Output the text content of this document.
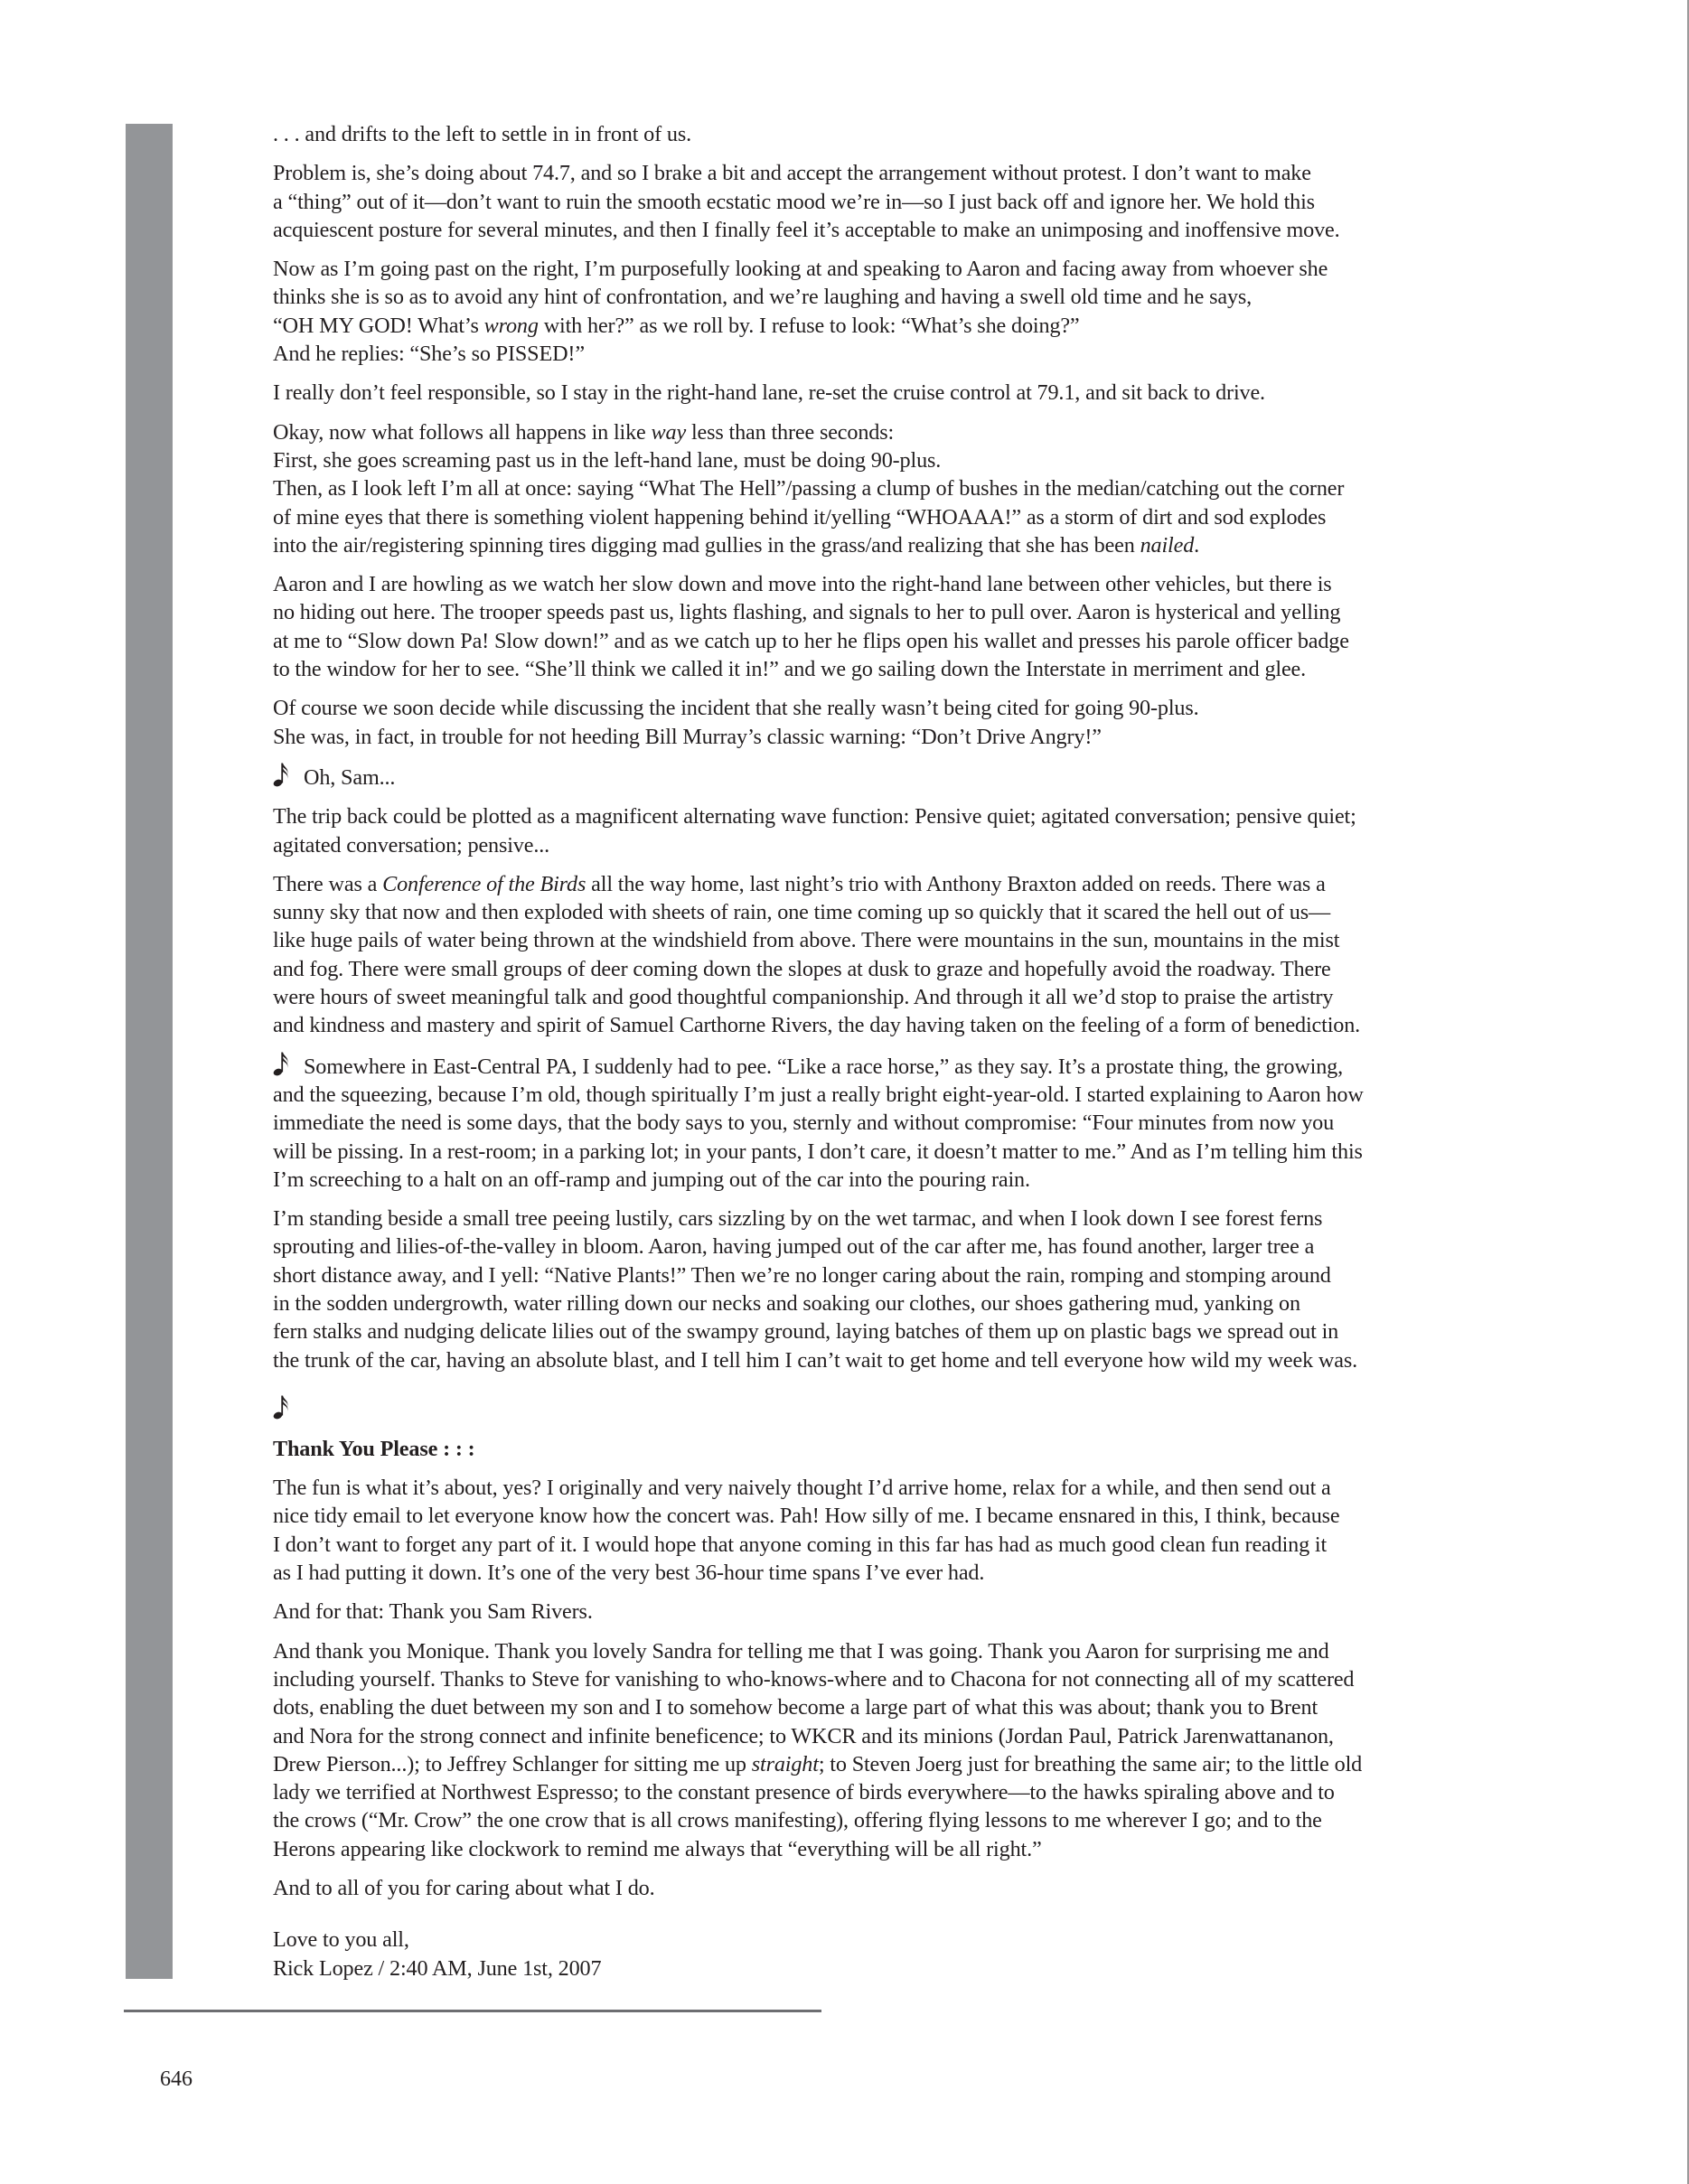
. . . and drifts to the left to settle in in front of us.

Problem is, she’s doing about 74.7, and so I brake a bit and accept the arrangement without protest. I don’t want to make
a “thing” out of it—don’t want to ruin the smooth ecstatic mood we’re in—so I just back off and ignore her. We hold this
acquiescent posture for several minutes, and then I finally feel it’s acceptable to make an unimposing and inoffensive move.

Now as I’m going past on the right, I’m purposefully looking at and speaking to Aaron and facing away from whoever she
thinks she is so as to avoid any hint of confrontation, and we’re laughing and having a swell old time and he says,
“OH MY GOD! What’s wrong with her?” as we roll by. I refuse to look: “What’s she doing?”
And he replies: “She’s so PISSED!”

I really don’t feel responsible, so I stay in the right-hand lane, re-set the cruise control at 79.1, and sit back to drive.

Okay, now what follows all happens in like way less than three seconds:
First, she goes screaming past us in the left-hand lane, must be doing 90-plus.
Then, as I look left I’m all at once: saying “What The Hell”/passing a clump of bushes in the median/catching out the corner
of mine eyes that there is something violent happening behind it/yelling “WHOAAA!” as a storm of dirt and sod explodes
into the air/registering spinning tires digging mad gullies in the grass/and realizing that she has been nailed.

Aaron and I are howling as we watch her slow down and move into the right-hand lane between other vehicles, but there is
no hiding out here. The trooper speeds past us, lights flashing, and signals to her to pull over. Aaron is hysterical and yelling
at me to “Slow down Pa! Slow down!” and as we catch up to her he flips open his wallet and presses his parole officer badge
to the window for her to see. “She’ll think we called it in!” and we go sailing down the Interstate in merriment and glee.

Of course we soon decide while discussing the incident that she really wasn’t being cited for going 90-plus.
She was, in fact, in trouble for not heeding Bill Murray’s classic warning: “Don’t Drive Angry!”

Oh, Sam...

The trip back could be plotted as a magnificent alternating wave function: Pensive quiet; agitated conversation; pensive quiet;
agitated conversation; pensive...

There was a Conference of the Birds all the way home, last night’s trio with Anthony Braxton added on reeds. There was a
sunny sky that now and then exploded with sheets of rain, one time coming up so quickly that it scared the hell out of us—
like huge pails of water being thrown at the windshield from above. There were mountains in the sun, mountains in the mist
and fog. There were small groups of deer coming down the slopes at dusk to graze and hopefully avoid the roadway. There
were hours of sweet meaningful talk and good thoughtful companionship. And through it all we’d stop to praise the artistry
and kindness and mastery and spirit of Samuel Carthorne Rivers, the day having taken on the feeling of a form of benediction.

Somewhere in East-Central PA, I suddenly had to pee. “Like a race horse,” as they say. It’s a prostate thing, the growing,
and the squeezing, because I’m old, though spiritually I’m just a really bright eight-year-old. I started explaining to Aaron how
immediate the need is some days, that the body says to you, sternly and without compromise: “Four minutes from now you
will be pissing. In a rest-room; in a parking lot; in your pants, I don’t care, it doesn’t matter to me.” And as I’m telling him this
I’m screeching to a halt on an off-ramp and jumping out of the car into the pouring rain.

I’m standing beside a small tree peeing lustily, cars sizzling by on the wet tarmac, and when I look down I see forest ferns
sprouting and lilies-of-the-valley in bloom. Aaron, having jumped out of the car after me, has found another, larger tree a
short distance away, and I yell: “Native Plants!” Then we’re no longer caring about the rain, romping and stomping around
in the sodden undergrowth, water rilling down our necks and soaking our clothes, our shoes gathering mud, yanking on
fern stalks and nudging delicate lilies out of the swampy ground, laying batches of them up on plastic bags we spread out in
the trunk of the car, having an absolute blast, and I tell him I can’t wait to get home and tell everyone how wild my week was.

Thank You Please : : :

The fun is what it’s about, yes? I originally and very naively thought I’d arrive home, relax for a while, and then send out a
nice tidy email to let everyone know how the concert was. Pah! How silly of me. I became ensnared in this, I think, because
I don’t want to forget any part of it. I would hope that anyone coming in this far has had as much good clean fun reading it
as I had putting it down. It’s one of the very best 36-hour time spans I’ve ever had.

And for that: Thank you Sam Rivers.

And thank you Monique. Thank you lovely Sandra for telling me that I was going. Thank you Aaron for surprising me and
including yourself. Thanks to Steve for vanishing to who-knows-where and to Chacona for not connecting all of my scattered
dots, enabling the duet between my son and I to somehow become a large part of what this was about; thank you to Brent
and Nora for the strong connect and infinite beneficence; to WKCR and its minions (Jordan Paul, Patrick Jarenwattananon,
Drew Pierson...); to Jeffrey Schlanger for sitting me up straight; to Steven Joerg just for breathing the same air; to the little old
lady we terrified at Northwest Espresso; to the constant presence of birds everywhere—to the hawks spiraling above and to
the crows (“Mr. Crow” the one crow that is all crows manifesting), offering flying lessons to me wherever I go; and to the
Herons appearing like clockwork to remind me always that “everything will be all right.”

And to all of you for caring about what I do.

Love to you all,
Rick Lopez / 2:40 AM, June 1st, 2007

646
